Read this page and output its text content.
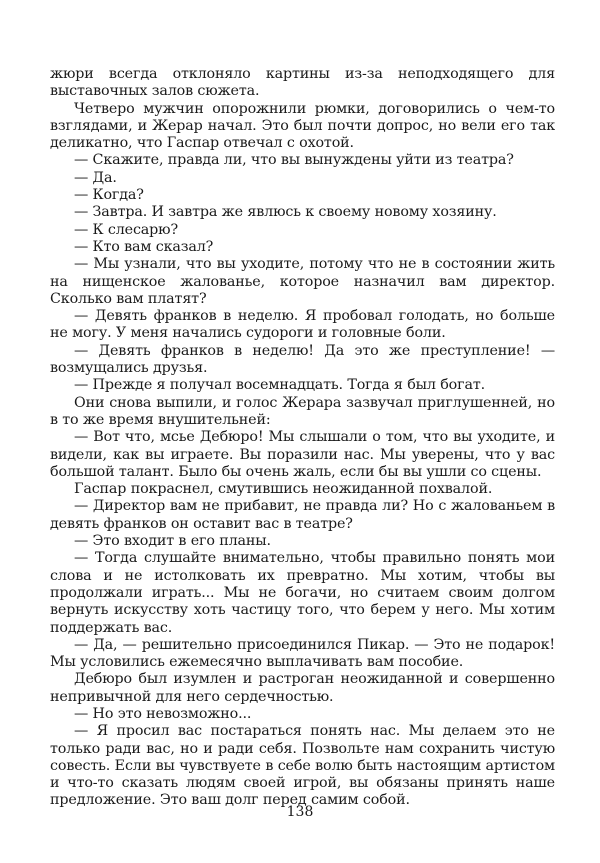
жюри всегда отклоняло картины из-за неподходящего для выставочных залов сюжета.

Четверо мужчин опорожнили рюмки, договорились о чем-то взглядами, и Жерар начал. Это был почти допрос, но вели его так деликатно, что Гаспар отвечал с охотой.

— Скажите, правда ли, что вы вынуждены уйти из театра?

— Да.

— Когда?

— Завтра. И завтра же явлюсь к своему новому хозяину.

— К слесарю?

— Кто вам сказал?

— Мы узнали, что вы уходите, потому что не в состоянии жить на нищенское жалованье, которое назначил вам директор. Сколько вам платят?

— Девять франков в неделю. Я пробовал голодать, но больше не могу. У меня начались судороги и головные боли.

— Девять франков в неделю! Да это же преступление! — возмущались друзья.

— Прежде я получал восемнадцать. Тогда я был богат.

Они снова выпили, и голос Жерара зазвучал приглушенней, но в то же время внушительней:

— Вот что, мсье Дебюро! Мы слышали о том, что вы уходите, и видели, как вы играете. Вы поразили нас. Мы уверены, что у вас большой талант. Было бы очень жаль, если бы вы ушли со сцены.

Гаспар покраснел, смутившись неожиданной похвалой.

— Директор вам не прибавит, не правда ли? Но с жалованьем в девять франков он оставит вас в театре?

— Это входит в его планы.

— Тогда слушайте внимательно, чтобы правильно понять мои слова и не истолковать их превратно. Мы хотим, чтобы вы продолжали играть... Мы не богачи, но считаем своим долгом вернуть искусству хоть частицу того, что берем у него. Мы хотим поддержать вас.

— Да, — решительно присоединился Пикар. — Это не подарок! Мы условились ежемесячно выплачивать вам пособие.

Дебюро был изумлен и растроган неожиданной и совершенно непривычной для него сердечностью.

— Но это невозможно...

— Я просил вас постараться понять нас. Мы делаем это не только ради вас, но и ради себя. Позвольте нам сохранить чистую совесть. Если вы чувствуете в себе волю быть настоящим артистом и что-то сказать людям своей игрой, вы обязаны принять наше предложение. Это ваш долг перед самим собой.

138
